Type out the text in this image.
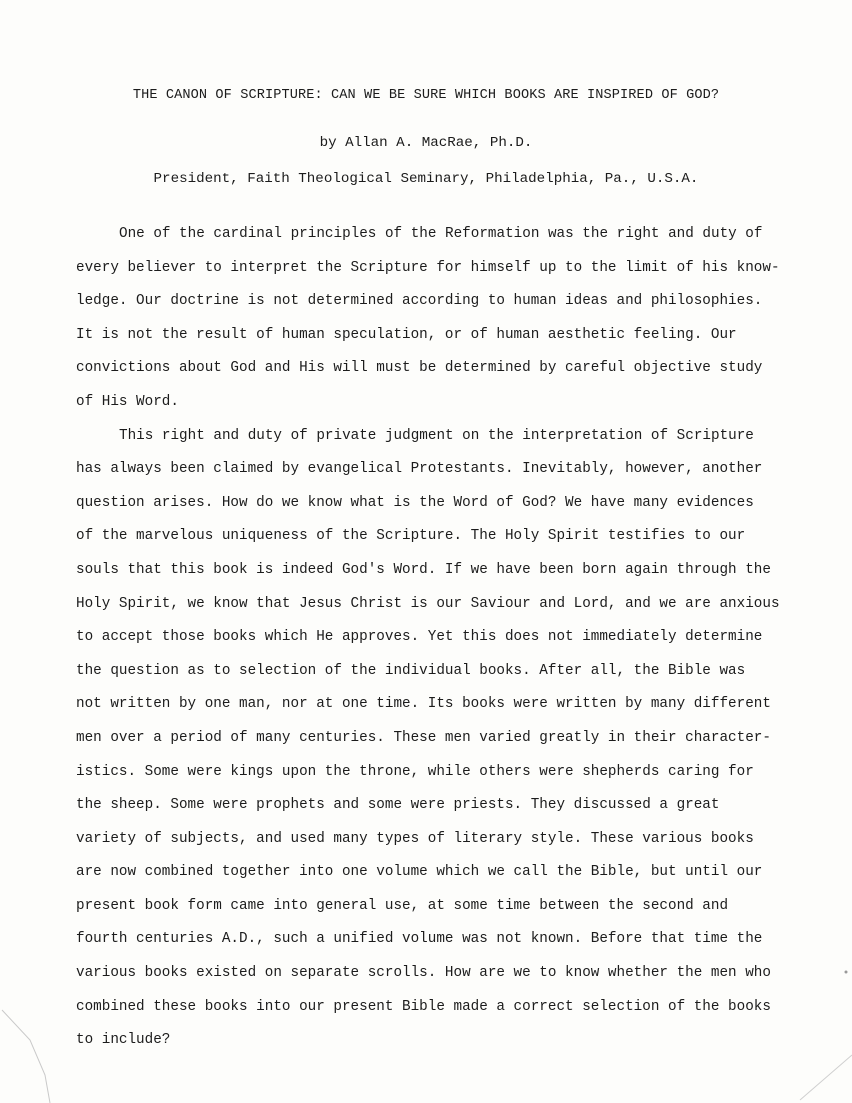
THE CANON OF SCRIPTURE: CAN WE BE SURE WHICH BOOKS ARE INSPIRED OF GOD?
by Allan A. MacRae, Ph.D.
President, Faith Theological Seminary, Philadelphia, Pa., U.S.A.
One of the cardinal principles of the Reformation was the right and duty of
every believer to interpret the Scripture for himself up to the limit of his know-
ledge. Our doctrine is not determined according to human ideas and philosophies.
It is not the result of human speculation, or of human aesthetic feeling. Our
convictions about God and His will must be determined by careful objective study
of His Word.
This right and duty of private judgment on the interpretation of Scripture
has always been claimed by evangelical Protestants. Inevitably, however, another
question arises. How do we know what is the Word of God? We have many evidences
of the marvelous uniqueness of the Scripture. The Holy Spirit testifies to our
souls that this book is indeed God's Word. If we have been born again through the
Holy Spirit, we know that Jesus Christ is our Saviour and Lord, and we are anxious
to accept those books which He approves. Yet this does not immediately determine
the question as to selection of the individual books. After all, the Bible was
not written by one man, nor at one time. Its books were written by many different
men over a period of many centuries. These men varied greatly in their character-
istics. Some were kings upon the throne, while others were shepherds caring for
the sheep. Some were prophets and some were priests. They discussed a great
variety of subjects, and used many types of literary style. These various books
are now combined together into one volume which we call the Bible, but until our
present book form came into general use, at some time between the second and
fourth centuries A.D., such a unified volume was not known. Before that time the
various books existed on separate scrolls. How are we to know whether the men who
combined these books into our present Bible made a correct selection of the books
to include?
